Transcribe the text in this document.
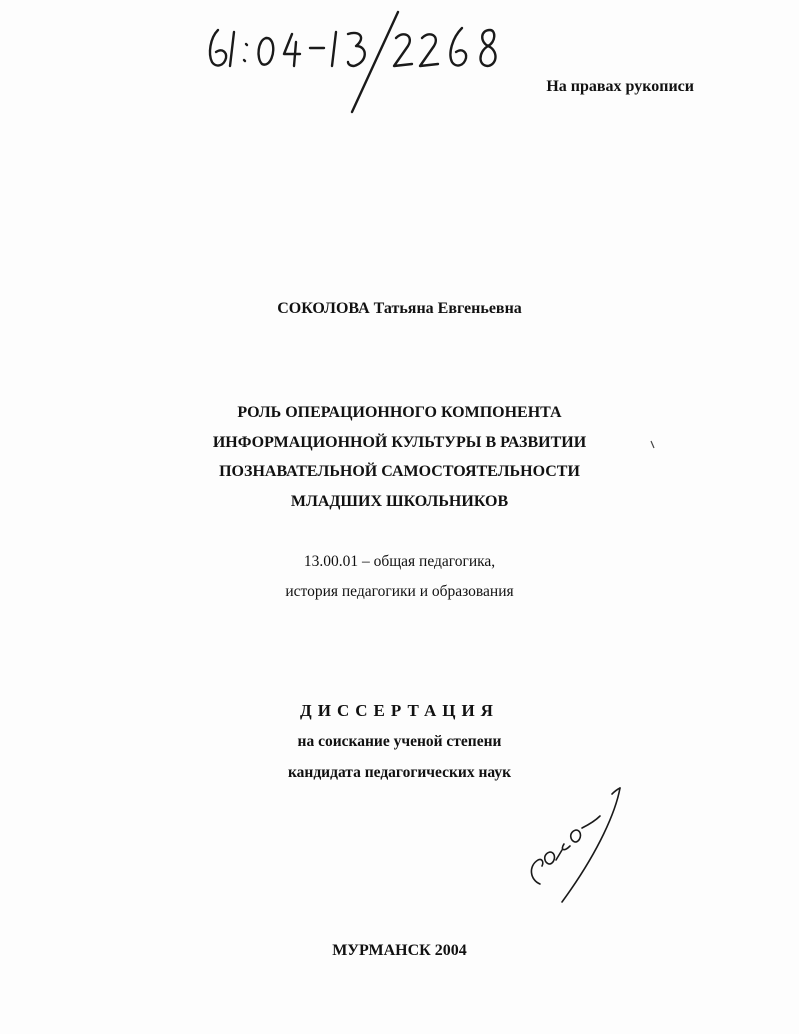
На правах рукописи
СОКОЛОВА Татьяна Евгеньевна
РОЛЬ ОПЕРАЦИОННОГО КОМПОНЕНТА
ИНФОРМАЦИОННОЙ КУЛЬТУРЫ В РАЗВИТИИ
ПОЗНАВАТЕЛЬНОЙ САМОСТОЯТЕЛЬНОСТИ
МЛАДШИХ ШКОЛЬНИКОВ
13.00.01 – общая педагогика,
история педагогики и образования
ДИССЕРТАЦИЯ
на соискание ученой степени
кандидата педагогических наук
МУРМАНСК 2004
